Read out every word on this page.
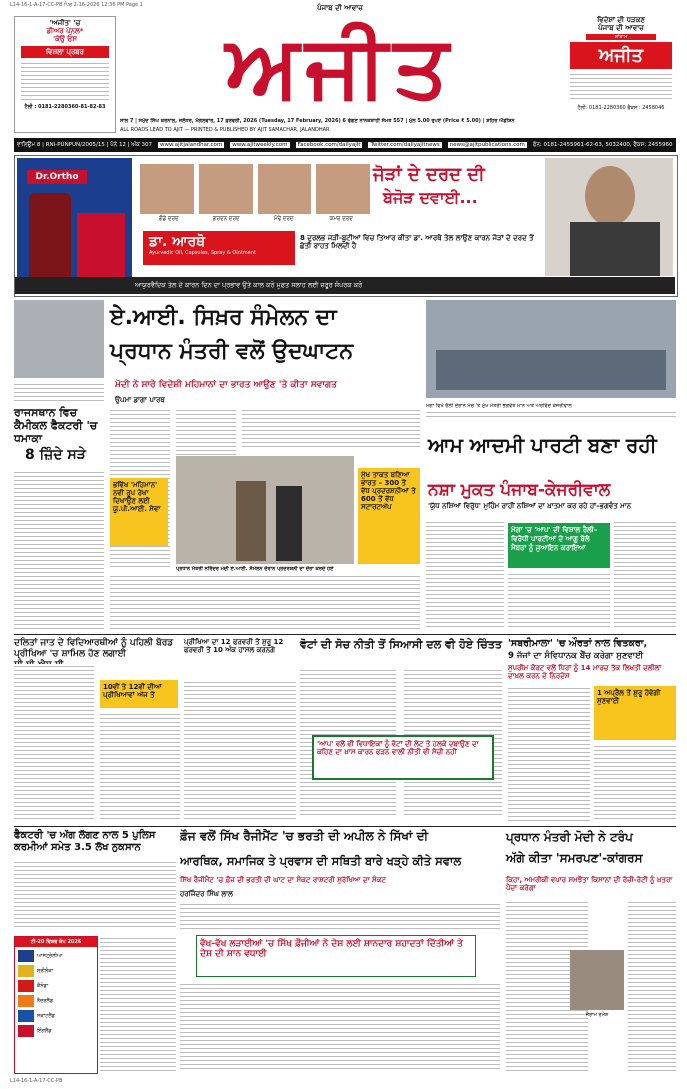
L14-16-1-A-17-CC-PB ਪਿਰ 2-16-2026 12:36 PM Page 1
'ਅਜੀਤ' 'ਚ
ਡੀਅਰ ਪੇਨਲ*
'ਕੇਉ ਓਸ
ਵਿਸ਼ਲਾ ਪ੍ਰਬਰ
ਟੈਲੀ : 0181-2280360-81-82-83
ਪੰਜਾਬ ਦੀ ਆਵਾਜ਼
ਅਜੀਤ	ਵਿਦੇਸ਼ਾਂ ਦੀ ਧੜਕਣ
ਪੰਜਾਬ ਦੀ ਆਵਾਜ਼
ਸ਼ਾਂਤਾਮ
ਅਜੀਤ
ਟੈਲੀ: 0181-2280360 ਫੈਕਸ : 2458046
ਸਾਲ 7 | ਸਮੁੰਦ ਸਿੰਘ ਕਰਨਾਲ, ਜਲੰਧਰ, ਮੰਗਲਵਾਰ, 17 ਫ਼ਰਵਰੀ, 2026 (Tuesday, 17 February, 2026) 6 ਫੱਗਣ ਨਾਨਕਸ਼ਾਹੀ ਸੰਮਤ 557 | ਮੁੱਲ 5.00 ਰੁਪਏ (Price ₹ 5.00) | ਸ਼ਹਿਰ ਐਡੀਸ਼ਨ
ALL ROADS LEAD TO AJIT — PRINTED & PUBLISHED BY AJIT SAMACHAR, JALANDHAR
ਵਾਲਿਊਮ 8 | RNI-PUNPUN/2005/15 | ਪੰਨੇ 12 | ਅੰਕ 307	www.ajitjalandhar.com	www.ajitweekly.com	Facebook.com/dailyajit	Twitter.com/dailyajitnews	news@ajitpublications.com	ਫੋਨ: 0181-2455961-62-63, 5032400, ਫੈਕਸ: 2455960
Dr.Ortho
ਗੋਡੇ ਦਰਦ	ਗਰਦਨ ਦਰਦ	ਮੋਢੇ ਦਰਦ	ਕਮਰ ਦਰਦ
ਜੋੜਾਂ ਦੇ ਦਰਦ ਦੀ
ਬੇਜੋੜ ਦਵਾਈ...
ਡਾ. ਆਰਥੋ
Ayurvedic Oil, Capsules, Spray & Ointment
8 ਦੁਰਲਭ ਜੜੀ-ਬੂਟੀਆਂ ਵਿਚ ਤਿਆਰ ਕੀਤਾ ਡਾ. ਆਰਥੋ ਤੇਲ ਲਾਉਣ ਕਾਰਨ ਜੋੜਾਂ ਦੇ ਦਰਦ ਤੋਂ ਛੇਤੀ ਰਾਹਤ ਮਿਲਦੀ ਹੈ
ਆਯੁਰਵੈਦਿਕ ਤੇਲ ਦੇ ਕਾਰਨ ਦਿਨ ਦਾ ਪ੍ਰਭਾਵ ਉਤੇ ਕਾਲ ਕਰੋ ਮੁਫ਼ਤ ਸਲਾਹ ਲਈ ਜ਼ਰੂਰ ਸੰਪਰਕ ਕਰੋ
ਰਾਜਸਥਾਨ ਵਿਚ ਕੈਮੀਕਲ ਫੈਕਟਰੀ 'ਚ ਧਮਾਕਾ
8 ਜ਼ਿੰਦੇ ਸੜੇ
ਏ.ਆਈ. ਸਿਖ਼ਰ ਸੰਮੇਲਨ ਦਾ
ਪ੍ਰਧਾਨ ਮੰਤਰੀ ਵਲੋਂ ਉਦਘਾਟਨ
ਮੋਦੀ ਨੇ ਸਾਰੇ ਵਿਦੇਸ਼ੀ ਮਹਿਮਾਨਾਂ ਦਾ ਭਾਰਤ ਆਉਣ 'ਤੇ ਕੀਤਾ ਸਵਾਗਤ
ਉਪਮਾ ਡਾਗਾ ਪਾਰਥ
ਭਵਿੱਖ 'ਮਹਿਮਾਨ' ਨਵੀਂ ਰੂਪ ਰੇਖਾ ਦਿਖਾਉਣ ਲਈ ਯੂ.ਪੀ.ਆਈ. ਸੇਵਾ
ਮੁੱਖ ਤਾਕਤ ਬਣਿਆ ਭਾਰਤ – 300 ਤੋਂ ਵੱਧ ਪ੍ਰਦਰਸ਼ਨੀਆਂ ਤੇ 600 ਤੋਂ ਵੱਧ ਸਟਾਰਟਅੱਪ
ਪ੍ਰਧਾਨ ਮੰਤਰੀ ਨਰਿੰਦਰ ਮੋਦੀ ਏ.ਆਈ. ਸੰਮੇਲਨ ਦੌਰਾਨ ਪ੍ਰਦਰਸ਼ਨੀ ਦਾ ਦੌਰਾ ਕਰਦੇ ਹੋਏ
ਮੋਗਾ ਵਿਖੇ ਰੈਲੀ ਦੌਰਾਨ ਮੰਚ 'ਤੇ ਮੁੱਖ ਮੰਤਰੀ ਭਗਵੰਤ ਮਾਨ ਅਤੇ ਅਰਵਿੰਦ ਕੇਜਰੀਵਾਲ
ਆਮ ਆਦਮੀ ਪਾਰਟੀ ਬਣਾ ਰਹੀ
ਨਸ਼ਾ ਮੁਕਤ ਪੰਜਾਬ-ਕੇਜਰੀਵਾਲ
'ਯੁੱਧ ਨਸ਼ਿਆਂ ਵਿਰੁੱਧ' ਮੁਹਿੰਮ ਰਾਹੀਂ ਨਸ਼ਿਆਂ ਦਾ ਖ਼ਾਤਮਾ ਕਰ ਰਹੇ ਹਾਂ–ਭਗਵੰਤ ਮਾਨ
ਮੋਗਾ 'ਚ 'ਆਪ' ਦੀ ਵਿਸ਼ਾਲ ਰੈਲੀ–ਵਿਰੋਧੀ ਪਾਰਟੀਆਂ ਦੇ ਆਗੂ ਬੋਲੇ ਮੈਂਬਰਾਂ ਨੂੰ ਜੁਆਇਨ ਕਰਾਇਆ
ਦਲਿਤਾਂ ਜਾਤ ਦੇ ਵਿਦਿਆਰਥੀਆਂ ਨੂੰ ਪਹਿਲੀ ਬੋਰਡ ਪ੍ਰੀਖਿਆ 'ਚ ਸ਼ਾਮਿਲ ਹੋਣ ਲਗਾਈ
10ਵੀਂ ਤੇ 12ਵੀਂ ਦੀਆਂ ਪ੍ਰੀਖਿਆਵਾਂ ਅੱਜ ਤੋਂ
ਪ੍ਰੀਖਿਆ ਦਾ 12 ਫਰਵਰੀ ਤੋਂ ਸ਼ੁਰੂ 12 ਫਰਵਰੀ ਤੋਂ 10 ਅੰਕ ਹਾਸਲ ਕਰਨਗੇ	ਵੋਟਾਂ ਦੀ ਸੋਚ ਨੀਤੀ ਤੋਂ ਸਿਆਸੀ ਦਲ ਵੀ ਹੋਏ ਚਿੰਤਤ
'ਆਪ' ਵਲੋਂ ਵੀ ਵਿਧਾਇਕਾਂ ਨੂੰ ਵੋਟਾਂ ਦੀ ਲੋਟ ਤੇ ਹਲਕੇ ਦਬਾਉਣ ਦਾ ਕਹਿਣ ਦਾ ਖ਼ਾਸ ਕਾਰਨ ਫੜਨ ਵਾਲੀ ਨੀਤੀ ਵੀ ਸੋਚੀ ਨਹੀਂ
'ਸਬਰੀਮਾਲਾ' 'ਚ ਔਰਤਾਂ ਨਾਲ ਵਿਤਕਰਾ,
9 ਜੱਜਾਂ ਦਾ ਸੰਵਿਧਾਨਕ ਬੈਂਚ ਕਰੇਗਾ ਸੁਣਵਾਈ
ਸੁਪਰੀਮ ਕੋਰਟ ਵਲੋਂ ਧਿਰਾਂ ਨੂੰ 14 ਮਾਰਚ ਤੱਕ ਲਿਖਤੀ ਦਲੀਲਾਂ ਦਾਖ਼ਲ ਕਰਨ ਦੇ ਨਿਰਦੇਸ਼
1 ਅਪ੍ਰੈਲ ਤੋਂ ਸ਼ੁਰੂ ਹੋਵੇਗੀ ਸੁਣਵਾਈ
ਫ਼ੌਜ ਵਲੋਂ ਸਿੱਖ ਰੈਜੀਮੈਂਟ 'ਚ ਭਰਤੀ ਦੀ ਅਪੀਲ ਨੇ ਸਿੱਖਾਂ ਦੀ
ਆਰਥਿਕ, ਸਮਾਜਿਕ ਤੇ ਪ੍ਰਵਾਸ ਦੀ ਸਥਿਤੀ ਬਾਰੇ ਖੜ੍ਹੇ ਕੀਤੇ ਸਵਾਲ
ਸਿੱਖ ਰੈਜੀਮੈਂਟ 'ਚ ਫ਼ੌਜ ਦੀ ਭਰਤੀ ਦੀ ਘਾਟ ਦਾ ਸੰਕਟ ਰਾਸ਼ਟਰੀ ਸੁਰੱਖਿਆ ਦਾ ਸੰਕਟ
ਹਰਜਿੰਦਰ ਸਿੰਘ ਲਾਲ
ਵੱਖ-ਵੱਖ ਲੜਾਈਆਂ 'ਚ ਸਿੱਖ ਫ਼ੌਜੀਆਂ ਨੇ ਦੇਸ਼ ਲਈ ਸ਼ਾਨਦਾਰ ਸ਼ਹਾਦਤਾਂ ਦਿੱਤੀਆਂ ਤੇ ਦੇਸ਼ ਦੀ ਸ਼ਾਨ ਵਧਾਈ
ਫੈਕਟਰੀ 'ਚ ਅੱਗ ਲੱਗਣ ਨਾਲ 5 ਪੁਲਿਸ ਕਰਮੀਆਂ ਸਮੇਤ 3.5 ਲੱਖ ਨੁਕਸਾਨ
ਟੀ-20 ਵਿਸ਼ਵ ਕੱਪ 2026
ਆਸਟ੍ਰੇਲੀਆ
ਸ਼੍ਰੀਲੰਕਾ
ਕੈਨੇਡਾ
ਨੈਦਰਲੈਂਡ
ਸਕਾਟਲੈਂਡ
ਇੰਗਲੈਂਡ
ਪ੍ਰਧਾਨ ਮੰਤਰੀ ਮੋਦੀ ਨੇ ਟਰੰਪ
ਅੱਗੇ ਕੀਤਾ 'ਸਮਰਪਣ'-ਕਾਂਗਰਸ
ਕਿਹਾ, ਅਮਰੀਕੀ ਵਪਾਰ ਸਮਝੌਤਾ ਕਿਸਾਨਾਂ ਦੀ ਰੋਜ਼ੀ-ਰੋਟੀ ਨੂੰ ਖ਼ਤਰਾ ਪੈਦਾ ਕਰੇਗਾ
ਜੈਰਾਮ ਰਮੇਸ਼
L14-16-1-A-17-CC-PB
